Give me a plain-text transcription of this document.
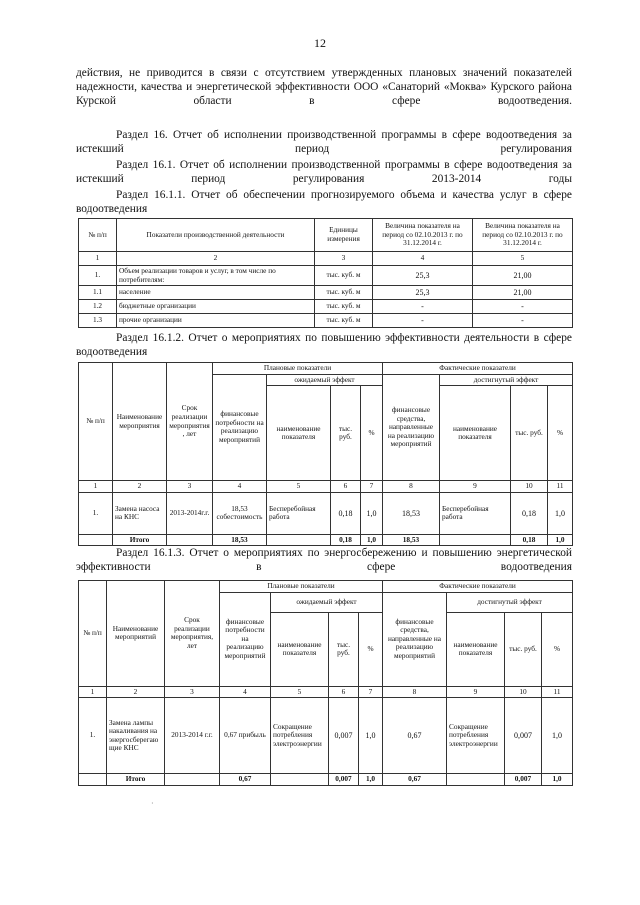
12
действия, не приводится в связи с отсутствием утвержденных плановых значений показателей надежности, качества и энергетической эффективности ООО «Санаторий «Моква» Курского района Курской области в сфере водоотведения.
Раздел 16. Отчет об исполнении производственной программы в сфере водоотведения за истекший период регулирования
Раздел 16.1. Отчет об исполнении производственной программы в сфере водоотведения за истекший период регулирования 2013-2014 годы
Раздел 16.1.1. Отчет об обеспечении прогнозируемого объема и качества услуг в сфере водоотведения
№ п/п	Показатели производственной деятельности	Единицы измерения	Величина показателя на период со 02.10.2013 г. по 31.12.2014 г.	Величина показателя на период со 02.10.2013 г. по 31.12.2014 г.
1	2	3	4	5
1.	Объем реализации товаров и услуг, в том числе по потребителям:	тыс. куб. м	25,3	21,00
1.1	население	тыс. куб. м	25,3	21,00
1.2	бюджетные организации	тыс. куб. м	-	-
1.3	прочие организации	тыс. куб. м	-	-
Раздел 16.1.2. Отчет о мероприятиях по повышению эффективности деятельности в сфере водоотведения
№ п/п	Наименование мероприятия	Срок реализации мероприятия, лет	Плановые показатели				Фактические показатели			
			финансовые потребности на реализацию мероприятий	ожидаемый эффект			финансовые средства, направленные на реализацию мероприятий	достигнутый эффект		
				наименование показателя	тыс. руб.	%		наименование показателя	тыс. руб.	%
1	2	3	4	5	6	7	8	9	10	11
1.	Замена насоса на КНС	2013-2014г.г.	18,53 собестоимость	Бесперебойная работа	0,18	1,0	18,53	Бесперебойная работа	0,18	1,0
	Итого		18,53		0,18	1,0	18,53		0,18	1,0
Раздел 16.1.3. Отчет о мероприятиях по энергосбережению и повышению энергетической эффективности в сфере водоотведения
№ п/п	Наименование мероприятий	Срок реализации мероприятия, лет	Плановые показатели				Фактические показатели			
			финансовые потребности на реализацию мероприятий	ожидаемый эффект			финансовые средства, направленные на реализацию мероприятий	достигнутый эффект		
				наименование показателя	тыс. руб.	%		наименование показателя	тыс. руб.	%
1	2	3	4	5	6	7	8	9	10	11
1.	Замена лампы накаливания на энергосберегающие КНС	2013-2014 г.г.	0,67 прибыль	Сокращение потребления электроэнергии	0,007	1,0	0,67	Сокращение потребления электроэнергии	0,007	1,0
	Итого		0,67		0,007	1,0	0,67		0,007	1,0
·
